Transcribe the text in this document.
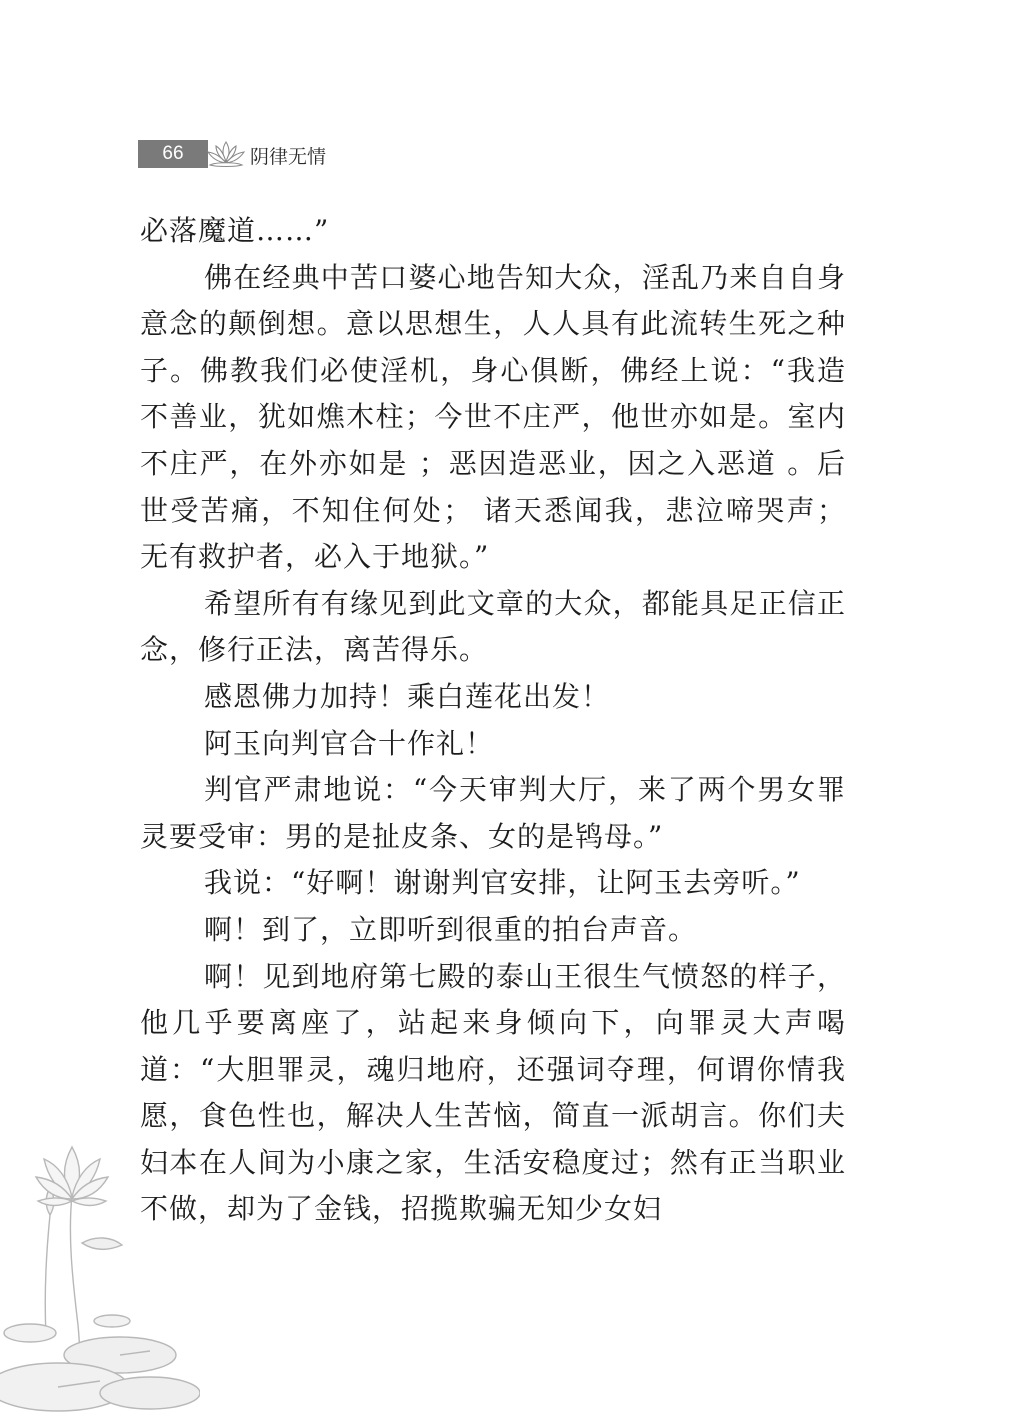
66	阴律无情

必落魔道……”

佛在经典中苦口婆心地告知大众，淫乱乃来自自身意念的颠倒想。意以思想生，人人具有此流转生死之种子。佛教我们必使淫机，身心俱断，佛经上说：“我造不善业，犹如燋木柱；今世不庄严，他世亦如是。室内不庄严，在外亦如是 ；恶因造恶业，因之入恶道 。后世受苦痛，不知住何处； 诸天悉闻我，悲泣啼哭声； 无有救护者，必入于地狱。”

希望所有有缘见到此文章的大众，都能具足正信正念，修行正法，离苦得乐。

感恩佛力加持！乘白莲花出发！

阿玉向判官合十作礼！

判官严肃地说：“今天审判大厅，来了两个男女罪灵要受审：男的是扯皮条、女的是鸨母。”

我说：“好啊！谢谢判官安排，让阿玉去旁听。”

啊！到了，立即听到很重的拍台声音。

啊！见到地府第七殿的泰山王很生气愤怒的样子，他几乎要离座了，站起来身倾向下，向罪灵大声喝道：“大胆罪灵，魂归地府，还强词夺理，何谓你情我愿，食色性也，解决人生苦恼，简直一派胡言。你们夫妇本在人间为小康之家，生活安稳度过；然有正当职业不做，却为了金钱，招揽欺骗无知少女妇
